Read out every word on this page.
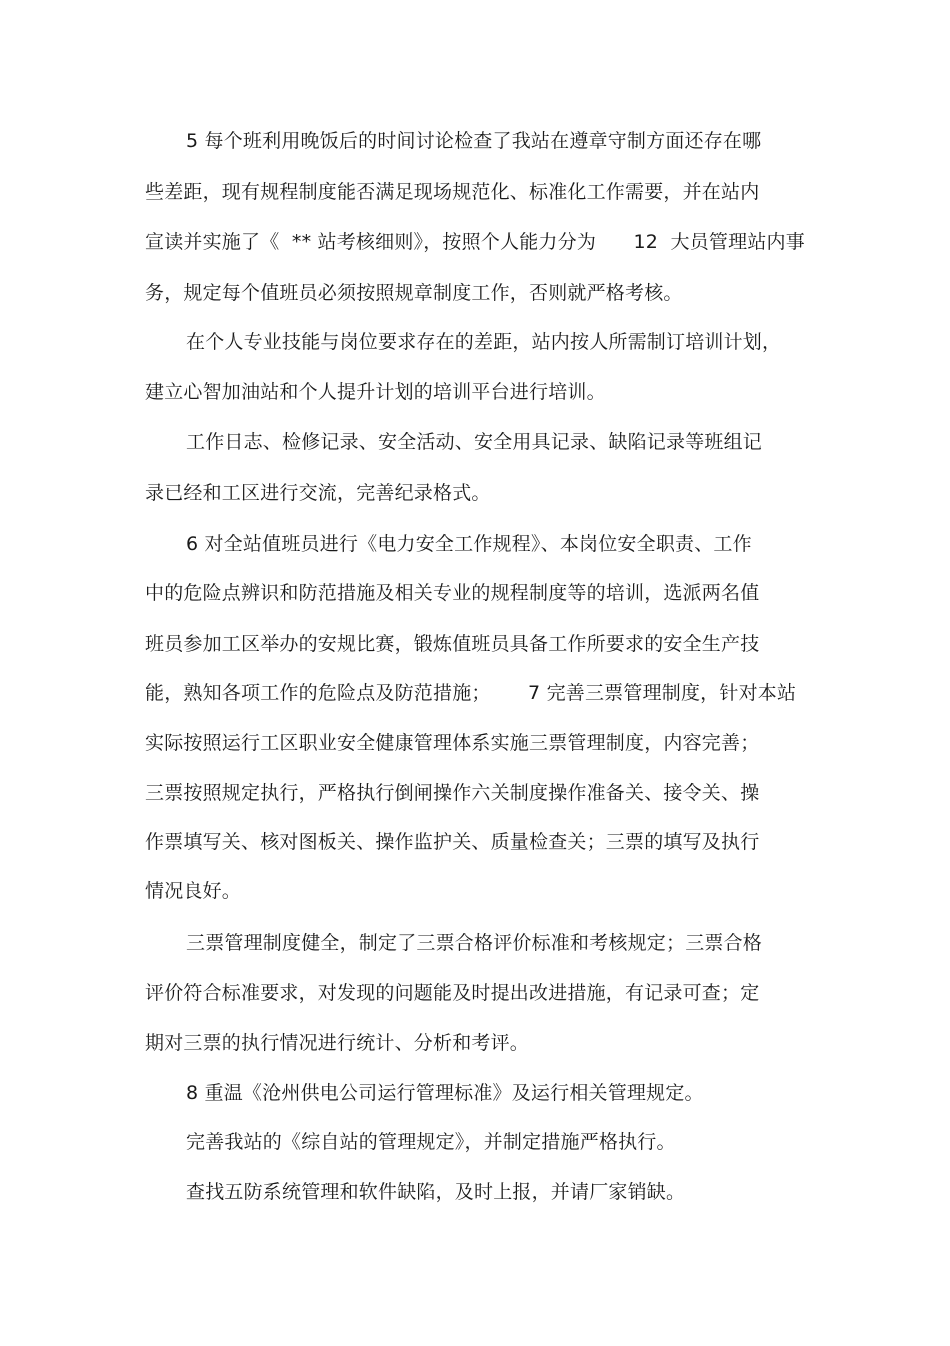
5 每个班利用晚饭后的时间讨论检查了我站在遵章守制方面还存在哪
些差距，现有规程制度能否满足现场规范化、标准化工作需要，并在站内
宣读并实施了《  ** 站考核细则》，按照个人能力分为      12  大员管理站内事
务，规定每个值班员必须按照规章制度工作，否则就严格考核。
在个人专业技能与岗位要求存在的差距，站内按人所需制订培训计划，
建立心智加油站和个人提升计划的培训平台进行培训。
工作日志、检修记录、安全活动、安全用具记录、缺陷记录等班组记
录已经和工区进行交流，完善纪录格式。
6 对全站值班员进行《电力安全工作规程》、本岗位安全职责、工作
中的危险点辨识和防范措施及相关专业的规程制度等的培训，选派两名值
班员参加工区举办的安规比赛，锻炼值班员具备工作所要求的安全生产技
能，熟知各项工作的危险点及防范措施；      7 完善三票管理制度，针对本站
实际按照运行工区职业安全健康管理体系实施三票管理制度，内容完善；
三票按照规定执行，严格执行倒闸操作六关制度操作准备关、接令关、操
作票填写关、核对图板关、操作监护关、质量检查关；三票的填写及执行
情况良好。
三票管理制度健全，制定了三票合格评价标准和考核规定；三票合格
评价符合标准要求，对发现的问题能及时提出改进措施，有记录可查；定
期对三票的执行情况进行统计、分析和考评。
8 重温《沧州供电公司运行管理标准》及运行相关管理规定。
完善我站的《综自站的管理规定》，并制定措施严格执行。
查找五防系统管理和软件缺陷，及时上报，并请厂家销缺。
